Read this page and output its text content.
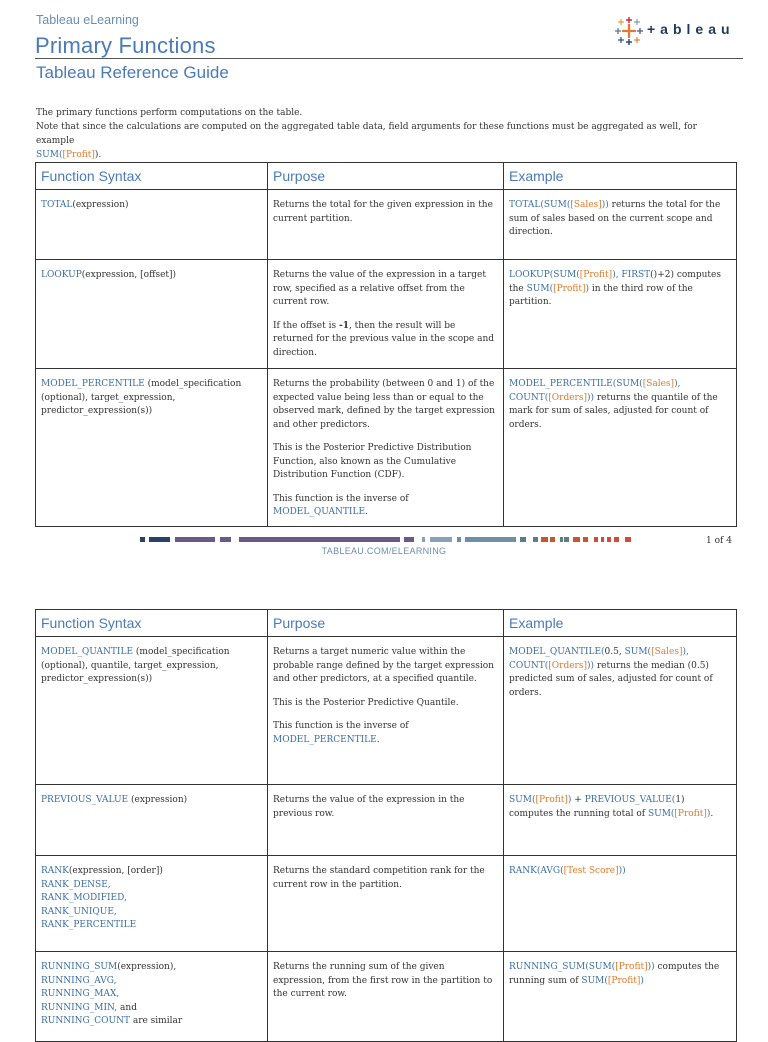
Tableau eLearning
Primary Functions
Tableau Reference Guide
+ableau

The primary functions perform computations on the table.

Note that since the calculations are computed on the aggregated table data, field arguments for these functions must be aggregated as well, for example
SUM([Profit]).

Function Syntax	Purpose	Example
TOTAL(expression)	Returns the total for the given expression in the current partition.	TOTAL(SUM([Sales])) returns the total for the sum of sales based on the current scope and direction.
LOOKUP(expression, [offset])	Returns the value of the expression in a target row, specified as a relative offset from the current row.

If the offset is -1, then the result will be returned for the previous value in the scope and direction.	LOOKUP(SUM([Profit]), FIRST()+2) computes the SUM([Profit]) in the third row of the partition.
MODEL_PERCENTILE (model_specification (optional), target_expression, predictor_expression(s))	Returns the probability (between 0 and 1) of the expected value being less than or equal to the observed mark, defined by the target expression and other predictors.

This is the Posterior Predictive Distribution Function, also known as the Cumulative Distribution Function (CDF).

This function is the inverse of MODEL_QUANTILE.	MODEL_PERCENTILE(SUM([Sales]), COUNT([Orders])) returns the quantile of the mark for sum of sales, adjusted for count of orders.
TABLEAU.COM/ELEARNING
1 of 4
Function Syntax	Purpose	Example
MODEL_QUANTILE (model_specification (optional), quantile, target_expression, predictor_expression(s))	Returns a target numeric value within the probable range defined by the target expression and other predictors, at a specified quantile.

This is the Posterior Predictive Quantile.

This function is the inverse of MODEL_PERCENTILE.	MODEL_QUANTILE(0.5, SUM([Sales]), COUNT([Orders])) returns the median (0.5) predicted sum of sales, adjusted for count of orders.
PREVIOUS_VALUE (expression)	Returns the value of the expression in the previous row.	SUM([Profit]) + PREVIOUS_VALUE(1) computes the running total of SUM([Profit]).
RANK(expression, [order])
RANK_DENSE,
RANK_MODIFIED,
RANK_UNIQUE,
RANK_PERCENTILE	Returns the standard competition rank for the current row in the partition.	RANK(AVG([Test Score]))
RUNNING_SUM(expression),
RUNNING_AVG,
RUNNING_MAX,
RUNNING_MIN, and
RUNNING_COUNT are similar	Returns the running sum of the given expression, from the first row in the partition to the current row.	RUNNING_SUM(SUM([Profit])) computes the running sum of SUM([Profit])
